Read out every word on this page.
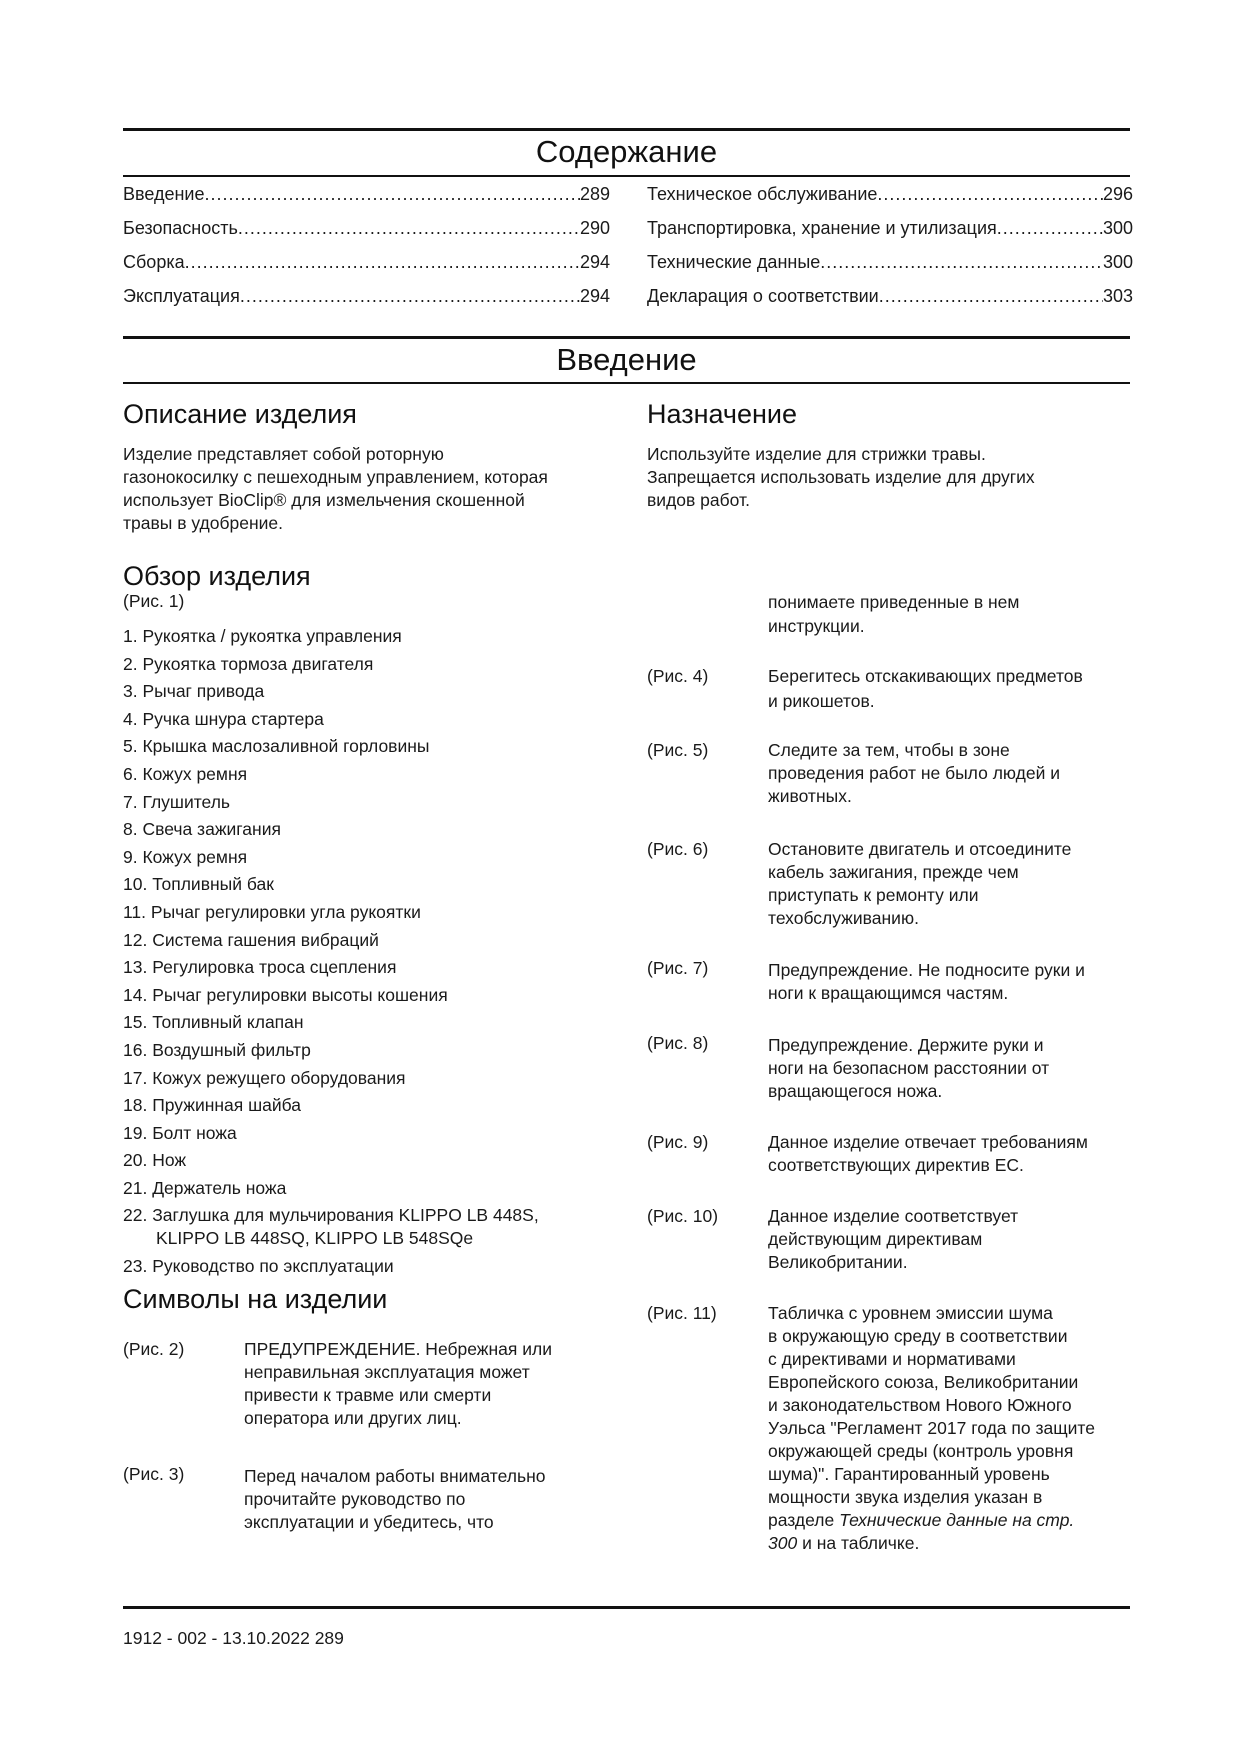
Содержание
Введение .....	289
Безопасность .....	290
Сборка .....	294
Эксплуатация .....	294
Техническое обслуживание .....	296
Транспортировка, хранение и утилизация .....	300
Технические данные .....	300
Декларация о соответствии .....	303
Введение
Описание изделия
Изделие представляет собой роторную
газонокосилку с пешеходным управлением, которая
использует BioClip® для измельчения скошенной
травы в удобрение.
Назначение
Используйте изделие для стрижки травы.
Запрещается использовать изделие для других
видов работ.
Обзор изделия
(Рис. 1)
1. Рукоятка / рукоятка управления
2. Рукоятка тормоза двигателя
3. Рычаг привода
4. Ручка шнура стартера
5. Крышка маслозаливной горловины
6. Кожух ремня
7. Глушитель
8. Свеча зажигания
9. Кожух ремня
10. Топливный бак
11. Рычаг регулировки угла рукоятки
12. Система гашения вибраций
13. Регулировка троса сцепления
14. Рычаг регулировки высоты кошения
15. Топливный клапан
16. Воздушный фильтр
17. Кожух режущего оборудования
18. Пружинная шайба
19. Болт ножа
20. Нож
21. Держатель ножа
22. Заглушка для мульчирования KLIPPO LB 448S, KLIPPO LB 448SQ, KLIPPO LB 548SQe
23. Руководство по эксплуатации
Символы на изделии
(Рис. 2)	ПРЕДУПРЕЖДЕНИЕ. Небрежная или
неправильная эксплуатация может
привести к травме или смерти
оператора или других лиц.
(Рис. 3)	Перед началом работы внимательно
прочитайте руководство по
эксплуатации и убедитесь, что
понимаете приведенные в нем
инструкции.
(Рис. 4)	Берегитесь отскакивающих предметов
и рикошетов.
(Рис. 5)	Следите за тем, чтобы в зоне
проведения работ не было людей и
животных.
(Рис. 6)	Остановите двигатель и отсоедините
кабель зажигания, прежде чем
приступать к ремонту или
техобслуживанию.
(Рис. 7)	Предупреждение. Не подносите руки и
ноги к вращающимся частям.
(Рис. 8)	Предупреждение. Держите руки и
ноги на безопасном расстоянии от
вращающегося ножа.
(Рис. 9)	Данное изделие отвечает требованиям
соответствующих директив ЕС.
(Рис. 10)	Данное изделие соответствует
действующим директивам
Великобритании.
(Рис. 11)	Табличка с уровнем эмиссии шума
в окружающую среду в соответствии
с директивами и нормативами
Европейского союза, Великобритании
и законодательством Нового Южного
Уэльса "Регламент 2017 года по защите
окружающей среды (контроль уровня
шума)". Гарантированный уровень
мощности звука изделия указан в
разделе Технические данные на стр.
300 и на табличке.
1912 - 002 - 13.10.2022 289
